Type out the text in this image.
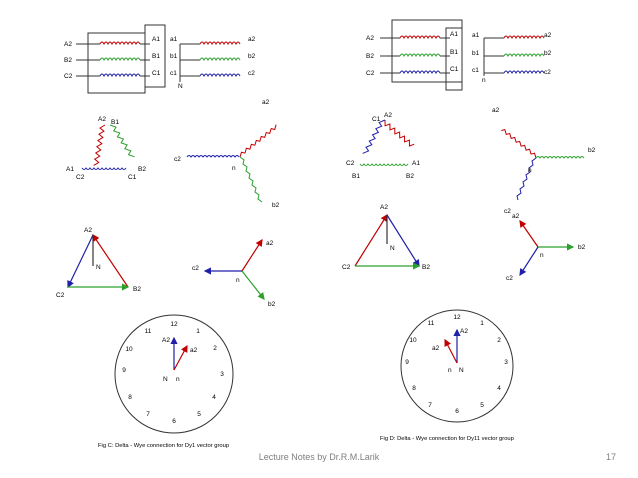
A2
B2
C2
A1
B1
C1
a1
b1
c1
a2
b2
c2
N
A2 B1
A1
C2
B2
C1
a2
b2
c2
n
A2
C2
B2
N
a2
b2
c2
n
12
1
2
3
4
5
6
7
8
9
10
11
A2
a2
N n
Fig C: Delta - Wye connection for Dy1 vector group
A2
B2
C2
A1
B1
C1
a1
b1
c1
a2
b2
c2
n
A2
C1
C2
B1
A1
B2
a2
b2
c2
n
A2
C2	B2
N
a2
b2
c2
n
12
1
2
3
4
5
6
7
8
9
10
11
A2
a2
N
n
Fig D: Delta - Wye connection for Dy11 vector group
Lecture Notes by Dr.R.M.Larik	17
